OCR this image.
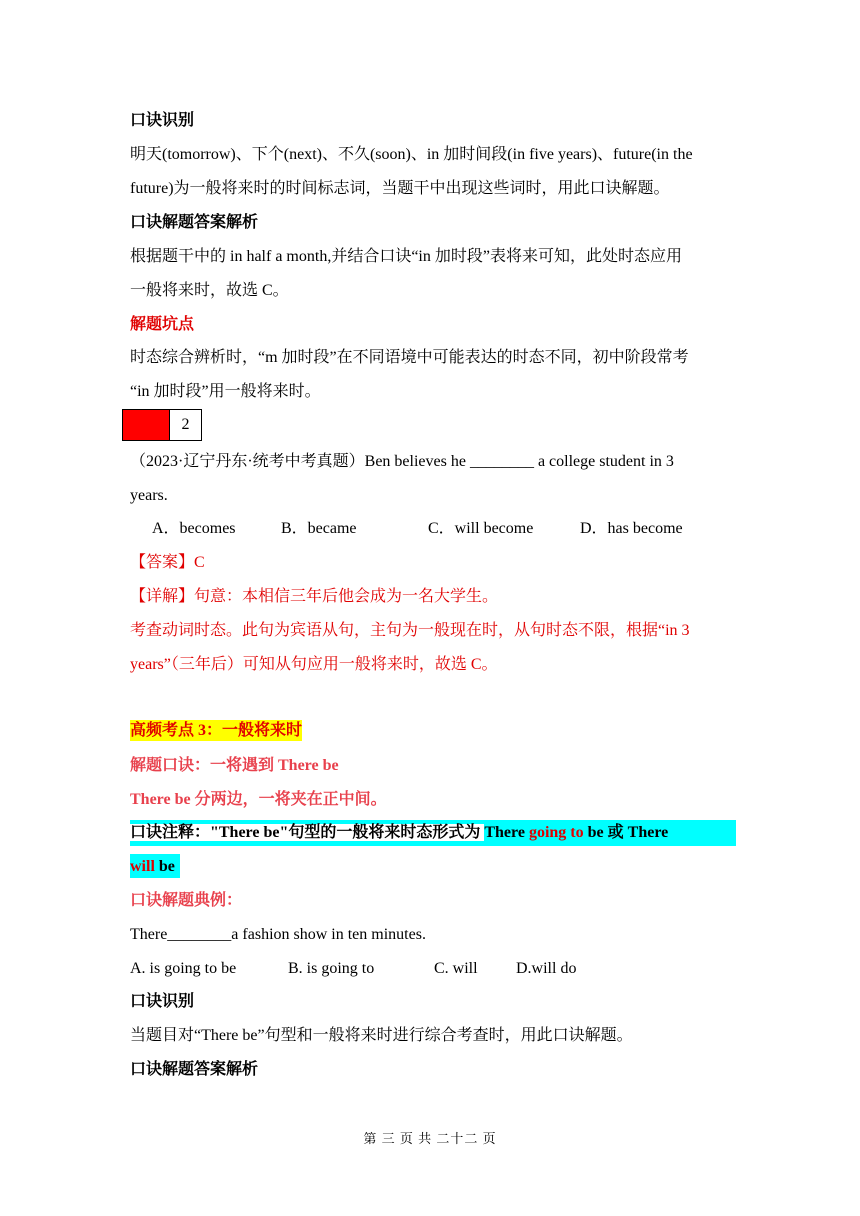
口诀识别
明天(tomorrow)、下个(next)、不久(soon)、in 加时间段(in five years)、future(in the
future)为一般将来时的时间标志词，当题干中出现这些词时，用此口诀解题。
口诀解题答案解析
根据题干中的 in half a month,并结合口诀“in 加时段”表将来可知，此处时态应用
一般将来时，故选 C。
解题坑点
时态综合辨析时，“m 加时段”在不同语境中可能表达的时态不同，初中阶段常考
“in 加时段”用一般将来时。
2
（2023·辽宁丹东·统考中考真题）Ben believes he ________ a college student in 3
years.
A．becomes	B．became	C．will become	D．has become
【答案】C
【详解】句意：本相信三年后他会成为一名大学生。
考查动词时态。此句为宾语从句，主句为一般现在时，从句时态不限，根据“in 3
years”（三年后）可知从句应用一般将来时，故选 C。
高频考点 3：一般将来时
解题口诀：一将遇到 There be
There be 分两边，一将夹在正中间。
口诀注释："There be"句型的一般将来时态形式为 There going to be 或 There
will be
口诀解题典例：
There________a fashion show in ten minutes.
A. is going to be	B. is going to	C. will D.will do
口诀识别
当题目对“There be”句型和一般将来时进行综合考查时，用此口诀解题。
口诀解题答案解析
第 三 页 共 二十二 页
